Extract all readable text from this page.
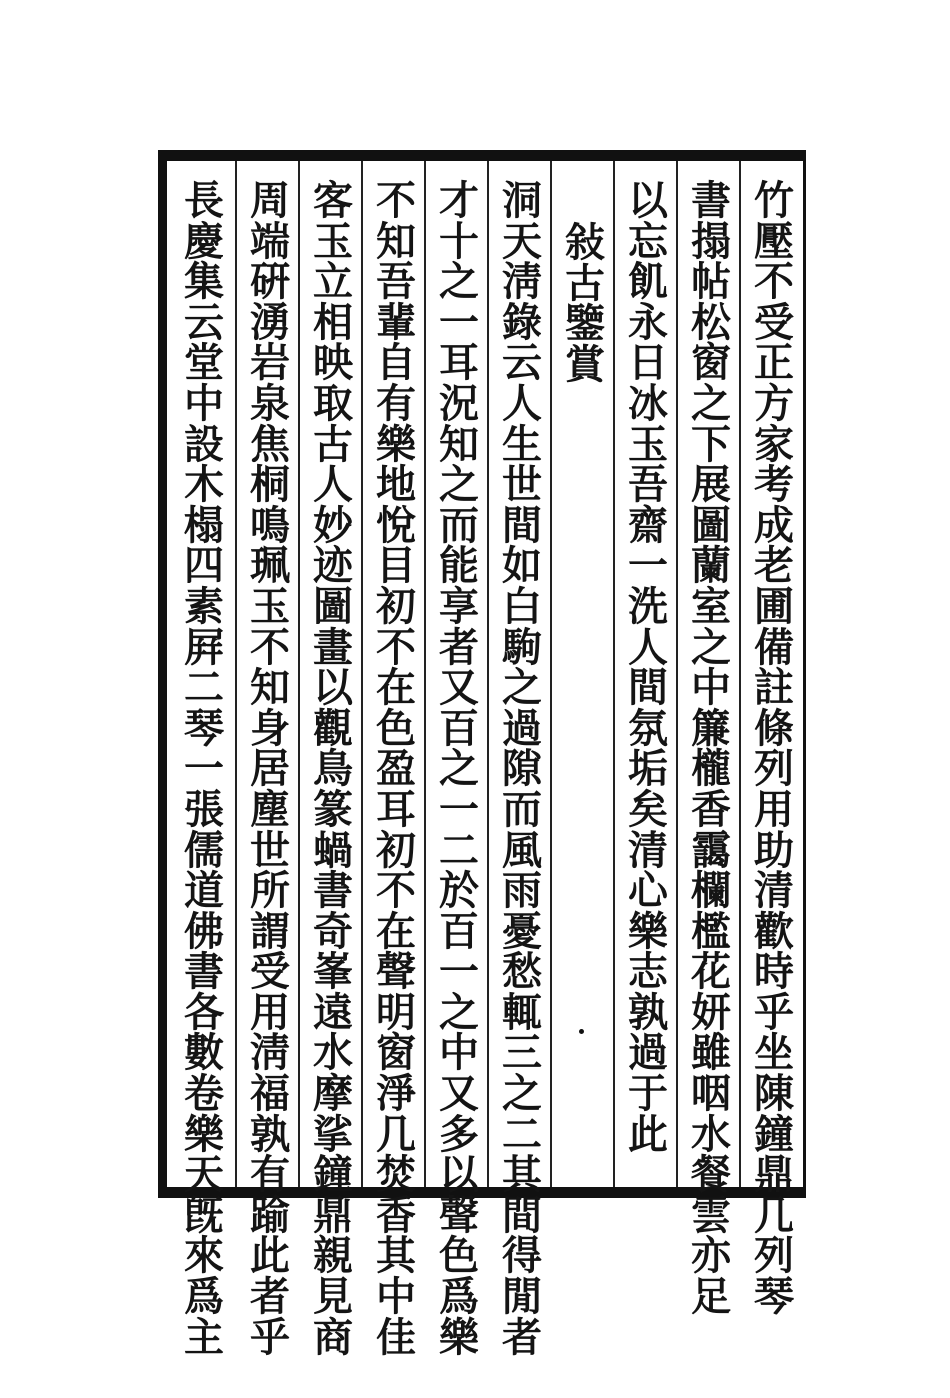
竹
壓
不
受
正
方
家
考
成
老
圃
備
註
條
列
用
助
清
歡
時
乎
坐
陳
鐘
鼎
几
列
琴
書
搨
帖
松
窗
之
下
展
圖
蘭
室
之
中
簾
櫳
香
靄
欄
檻
花
妍
雖
咽
水
餐
雲
亦
足
以
忘
飢
永
日
冰
玉
吾
齋
一
洗
人
間
氛
垢
矣
清
心
樂
志
孰
過
于
此
敍
古
鑒
賞
洞
天
淸
錄
云
人
生
世
間
如
白
駒
之
過
隙
而
風
雨
憂
愁
輒
三
之
二
其
間
得
閒
者
才
十
之
一
耳
況
知
之
而
能
享
者
又
百
之
一
二
於
百
一
之
中
又
多
以
聲
色
爲
樂
不
知
吾
輩
自
有
樂
地
悅
目
初
不
在
色
盈
耳
初
不
在
聲
明
窗
淨
几
焚
香
其
中
佳
客
玉
立
相
映
取
古
人
妙
迹
圖
畫
以
觀
鳥
篆
蝸
書
奇
峯
遠
水
摩
挲
鐘
鼎
親
見
商
周
端
硏
湧
岩
泉
焦
桐
鳴
珮
玉
不
知
身
居
塵
世
所
謂
受
用
淸
福
孰
有
踰
此
者
乎
長
慶
集
云
堂
中
設
木
榻
四
素
屛
二
琴
一
張
儒
道
佛
書
各
數
卷
樂
天
旣
來
爲
主
